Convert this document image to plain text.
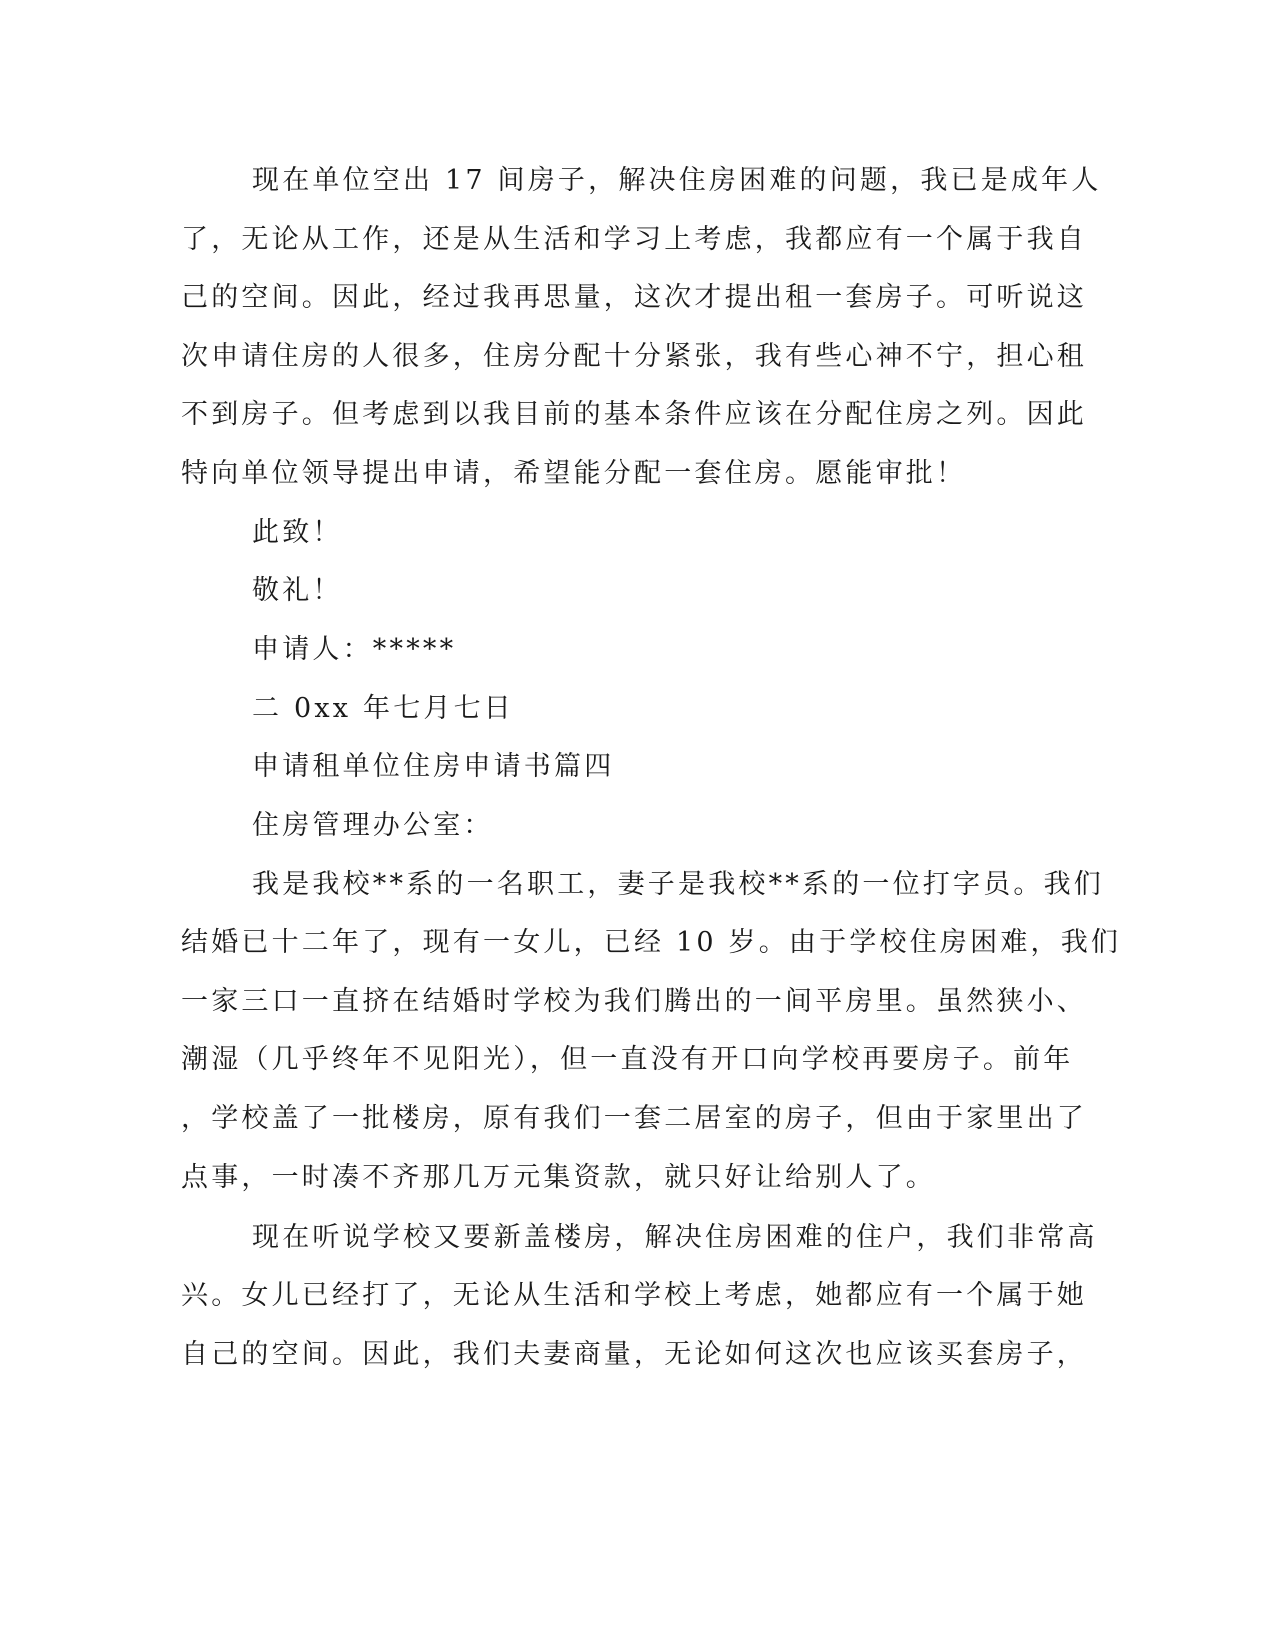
现在单位空出 17 间房子，解决住房困难的问题，我已是成年人
了，无论从工作，还是从生活和学习上考虑，我都应有一个属于我自
己的空间。因此，经过我再思量，这次才提出租一套房子。可听说这
次申请住房的人很多，住房分配十分紧张，我有些心神不宁，担心租
不到房子。但考虑到以我目前的基本条件应该在分配住房之列。因此
特向单位领导提出申请，希望能分配一套住房。愿能审批！
此致！
敬礼！
申请人：*****
二 0xx 年七月七日
申请租单位住房申请书篇四
住房管理办公室：
我是我校**系的一名职工，妻子是我校**系的一位打字员。我们
结婚已十二年了，现有一女儿，已经 10 岁。由于学校住房困难，我们
一家三口一直挤在结婚时学校为我们腾出的一间平房里。虽然狭小、
潮湿（几乎终年不见阳光），但一直没有开口向学校再要房子。前年
，学校盖了一批楼房，原有我们一套二居室的房子，但由于家里出了
点事，一时凑不齐那几万元集资款，就只好让给别人了。
现在听说学校又要新盖楼房，解决住房困难的住户，我们非常高
兴。女儿已经打了，无论从生活和学校上考虑，她都应有一个属于她
自己的空间。因此，我们夫妻商量，无论如何这次也应该买套房子，
